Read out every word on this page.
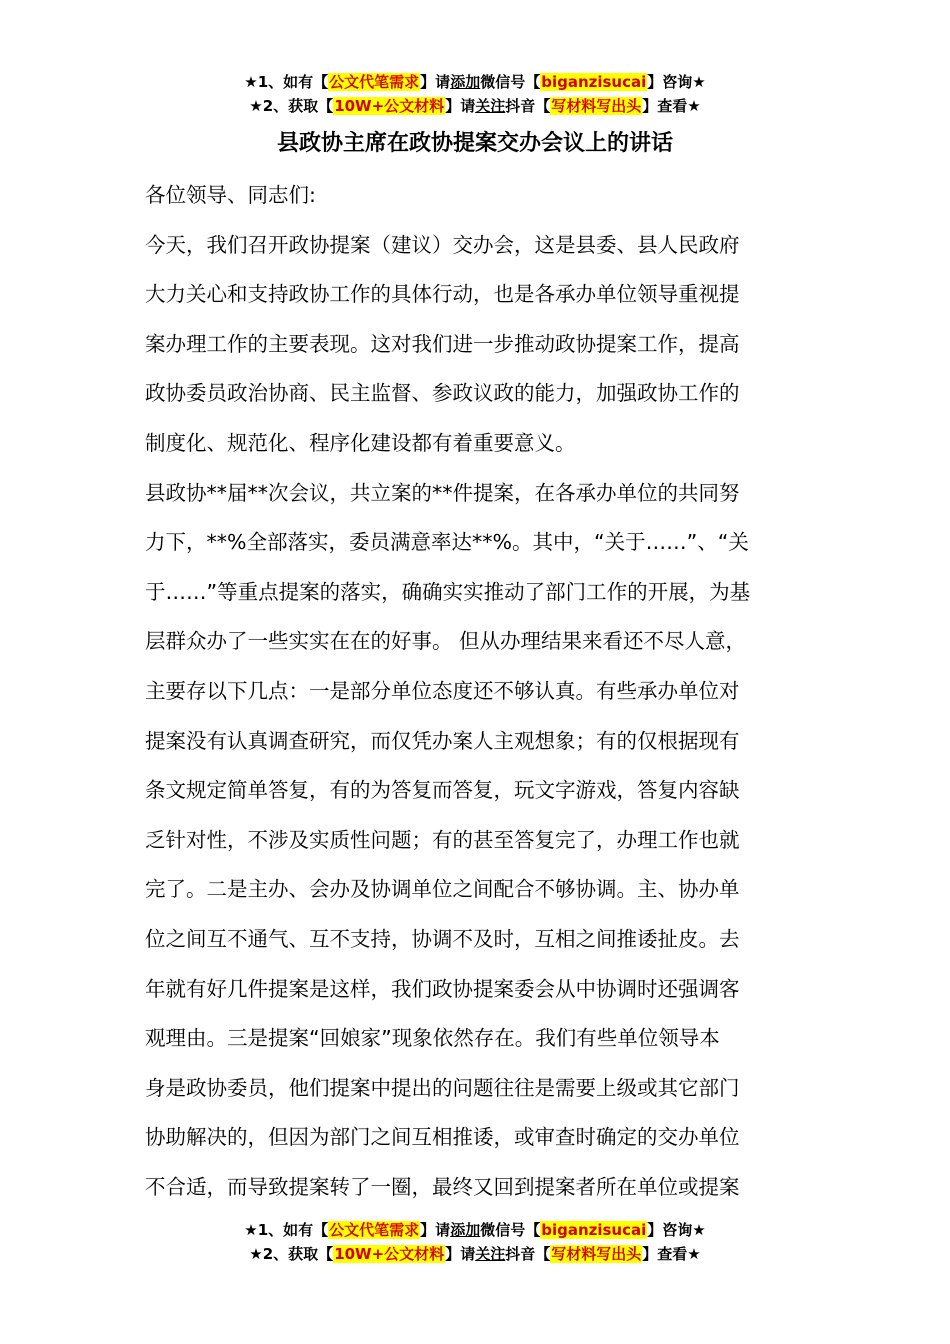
★1、如有【公文代笔需求】请添加微信号【biganzisucai】咨询★
★2、获取【10W+公文材料】请关注抖音【写材料写出头】查看★
县政协主席在政协提案交办会议上的讲话

各位领导、同志们:

今天，我们召开政协提案（建议）交办会，这是县委、县人民政府
大力关心和支持政协工作的具体行动，也是各承办单位领导重视提
案办理工作的主要表现。这对我们进一步推动政协提案工作，提高
政协委员政治协商、民主监督、参政议政的能力，加强政协工作的
制度化、规范化、程序化建设都有着重要意义。

县政协**届**次会议，共立案的**件提案，在各承办单位的共同努
力下，**%全部落实，委员满意率达**%。其中，“关于……”、“关
于……”等重点提案的落实，确确实实推动了部门工作的开展，为基
层群众办了一些实实在在的好事。 但从办理结果来看还不尽人意，
主要存以下几点：一是部分单位态度还不够认真。有些承办单位对
提案没有认真调查研究，而仅凭办案人主观想象；有的仅根据现有
条文规定简单答复，有的为答复而答复，玩文字游戏，答复内容缺
乏针对性，不涉及实质性问题；有的甚至答复完了，办理工作也就
完了。二是主办、会办及协调单位之间配合不够协调。主、协办单
位之间互不通气、互不支持，协调不及时，互相之间推诿扯皮。去
年就有好几件提案是这样，我们政协提案委会从中协调时还强调客
观理由。三是提案“回娘家”现象依然存在。我们有些单位领导本
身是政协委员，他们提案中提出的问题往往是需要上级或其它部门
协助解决的，但因为部门之间互相推诿，或审查时确定的交办单位
不合适，而导致提案转了一圈，最终又回到提案者所在单位或提案

★1、如有【公文代笔需求】请添加微信号【biganzisucai】咨询★
★2、获取【10W+公文材料】请关注抖音【写材料写出头】查看★
